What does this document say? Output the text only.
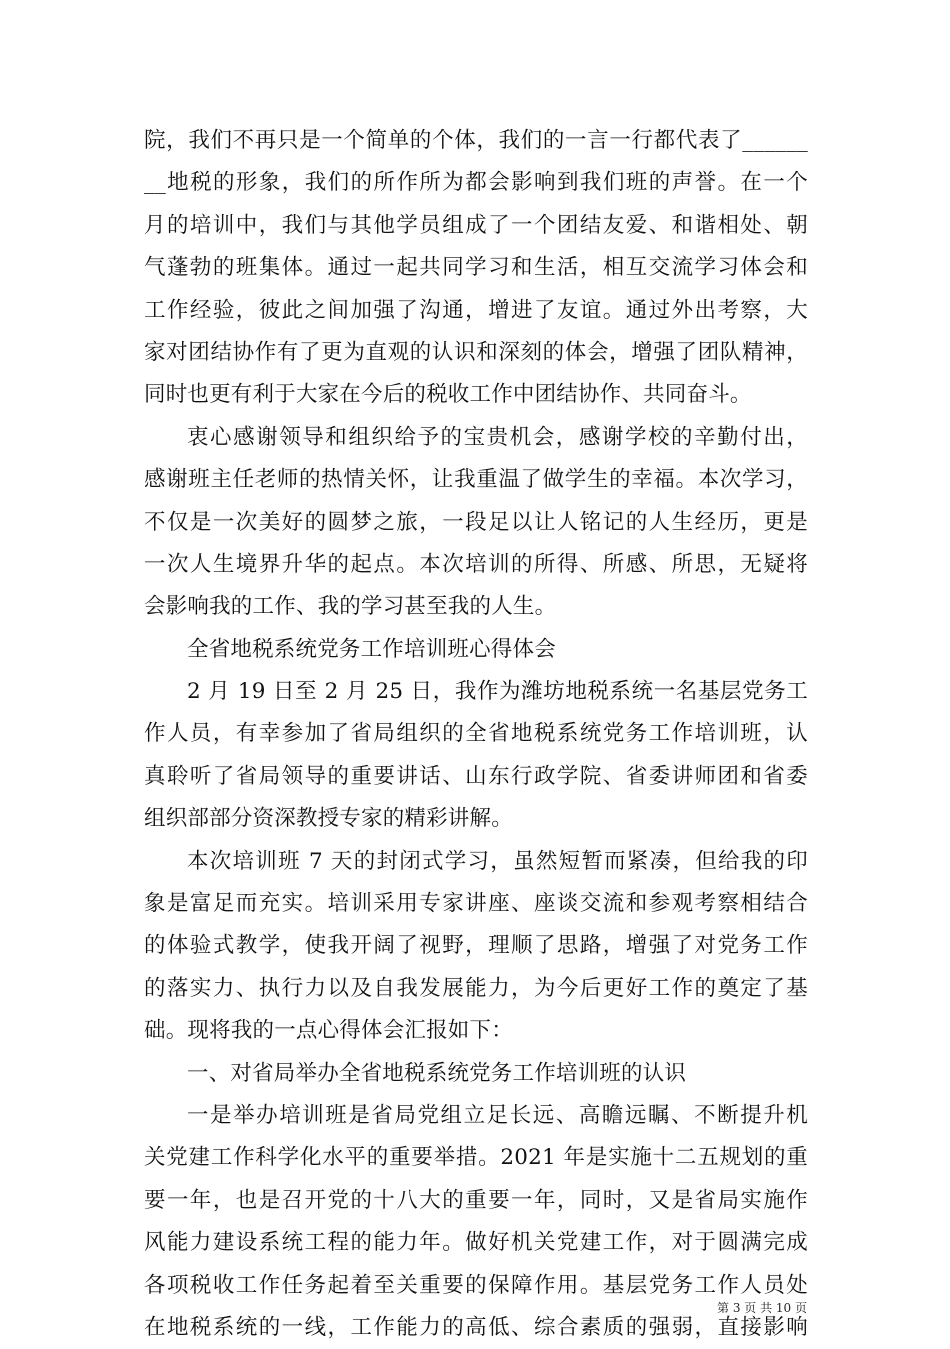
院，我们不再只是一个简单的个体，我们的一言一行都代表了______
__地税的形象，我们的所作所为都会影响到我们班的声誉。在一个
月的培训中，我们与其他学员组成了一个团结友爱、和谐相处、朝
气蓬勃的班集体。通过一起共同学习和生活，相互交流学习体会和
工作经验，彼此之间加强了沟通，增进了友谊。通过外出考察，大
家对团结协作有了更为直观的认识和深刻的体会，增强了团队精神，
同时也更有利于大家在今后的税收工作中团结协作、共同奋斗。
衷心感谢领导和组织给予的宝贵机会，感谢学校的辛勤付出，
感谢班主任老师的热情关怀，让我重温了做学生的幸福。本次学习，
不仅是一次美好的圆梦之旅，一段足以让人铭记的人生经历，更是
一次人生境界升华的起点。本次培训的所得、所感、所思，无疑将
会影响我的工作、我的学习甚至我的人生。
全省地税系统党务工作培训班心得体会
2 月 19 日至 2 月 25 日，我作为潍坊地税系统一名基层党务工
作人员，有幸参加了省局组织的全省地税系统党务工作培训班，认
真聆听了省局领导的重要讲话、山东行政学院、省委讲师团和省委
组织部部分资深教授专家的精彩讲解。
本次培训班 7 天的封闭式学习，虽然短暂而紧凑，但给我的印
象是富足而充实。培训采用专家讲座、座谈交流和参观考察相结合
的体验式教学，使我开阔了视野，理顺了思路，增强了对党务工作
的落实力、执行力以及自我发展能力，为今后更好工作的奠定了基
础。现将我的一点心得体会汇报如下：
一、对省局举办全省地税系统党务工作培训班的认识
一是举办培训班是省局党组立足长远、高瞻远瞩、不断提升机
关党建工作科学化水平的重要举措。2021 年是实施十二五规划的重
要一年，也是召开党的十八大的重要一年，同时，又是省局实施作
风能力建设系统工程的能力年。做好机关党建工作，对于圆满完成
各项税收工作任务起着至关重要的保障作用。基层党务工作人员处
在地税系统的一线，工作能力的高低、综合素质的强弱，直接影响
第 3 页 共 10 页
